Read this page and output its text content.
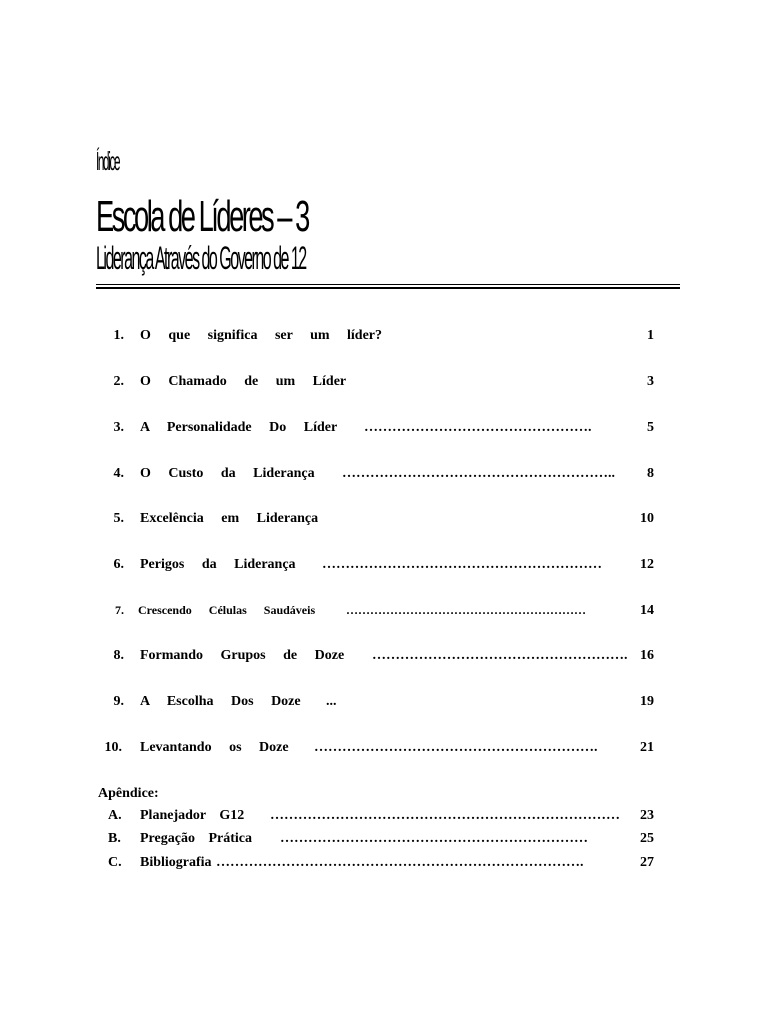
Índice
Escola de Líderes – 3
Liderança Através do Governo de 12
1. O que significa ser um líder?	1
2. O Chamado de um Líder	3
3. A Personalidade Do Líder ………………………………………….	5
4. O Custo da Liderança …………………………………………………..	8
5. Excelência em Liderança	10
6. Perigos da Liderança ……………………………………………………	12
7. Crescendo Células Saudáveis	……………………………………………………	14
8. Formando Grupos de Doze ………………………………………………. 16
9. A Escolha Dos Doze ...	19
10. Levantando os Doze …………………………………………………….	21
Apêndice:
A. Planejador G12 …………………………………………………………………	23
B. Pregação Prática …………………………………………………………	25
C. Bibliografia …………………………………………………………………….	27
